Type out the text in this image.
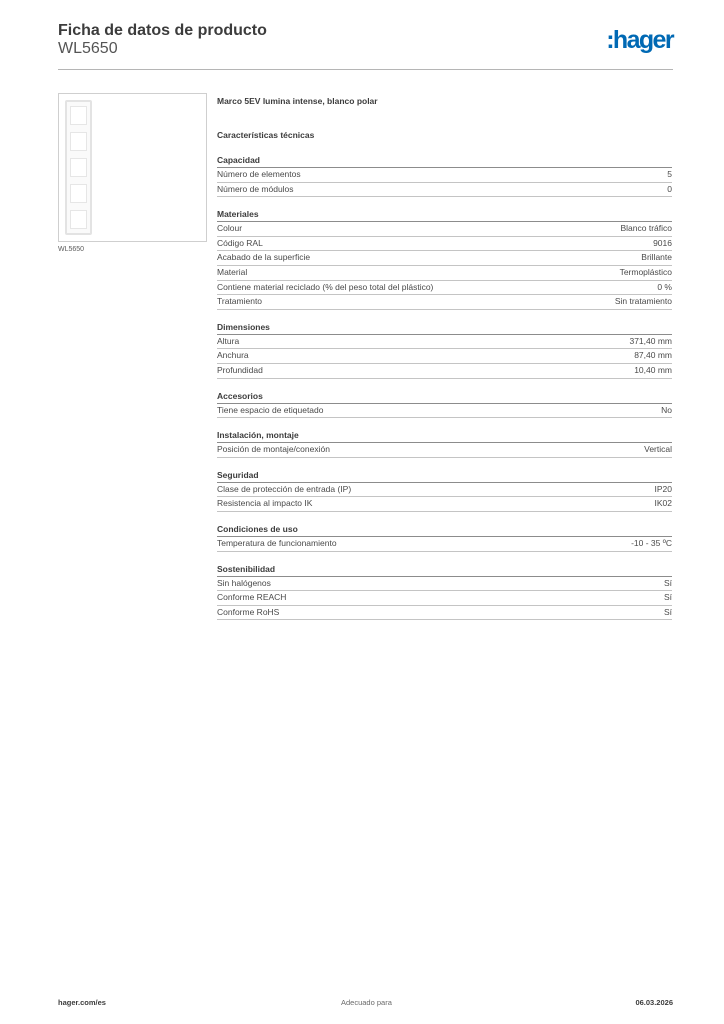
Ficha de datos de producto
WL5650	:hager
WL5650
Marco 5EV lumina intense, blanco polar
Características técnicas
Capacidad
Número de elementos	5
Número de módulos	0
Materiales
Colour	Blanco tráfico
Código RAL	9016
Acabado de la superficie	Brillante
Material	Termoplástico
Contiene material reciclado (% del peso total del plástico)	0 %
Tratamiento	Sin tratamiento
Dimensiones
Altura	371,40 mm
Anchura	87,40 mm
Profundidad	10,40 mm
Accesorios
Tiene espacio de etiquetado	No
Instalación, montaje
Posición de montaje/conexión	Vertical
Seguridad
Clase de protección de entrada (IP)	IP20
Resistencia al impacto IK	IK02
Condiciones de uso
Temperatura de funcionamiento	-10 - 35 ºC
Sostenibilidad
Sin halógenos	Sí
Conforme REACH	Sí
Conforme RoHS	Sí
hager.com/es	Adecuado para	06.03.2026
